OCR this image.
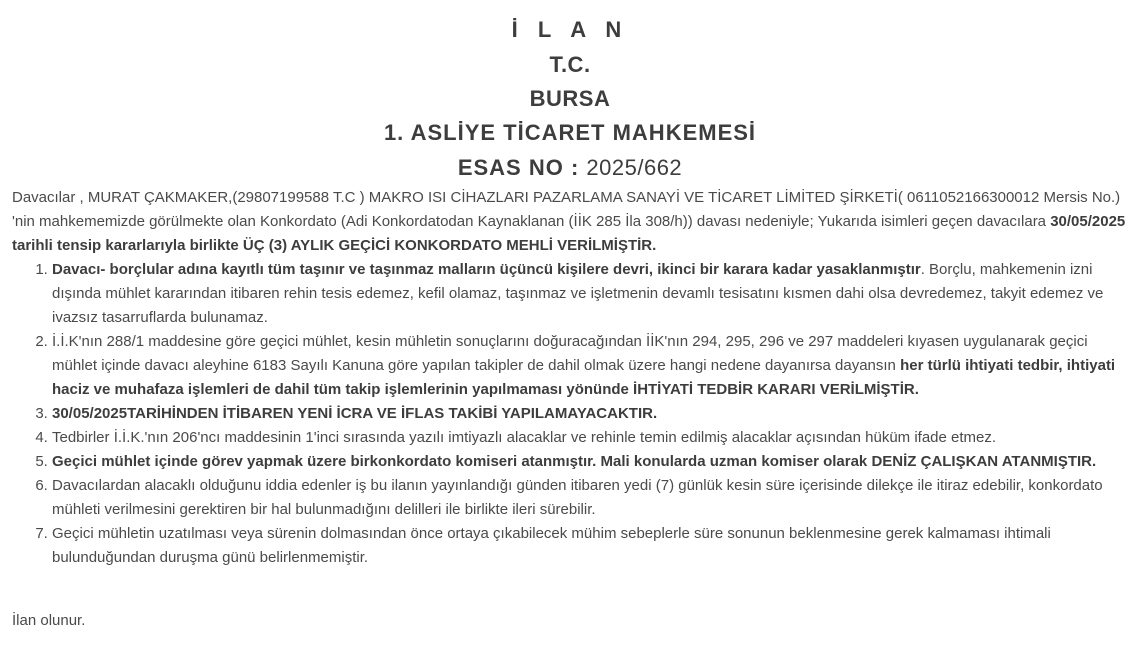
İ L A N
T.C.
BURSA
1. ASLİYE TİCARET MAHKEMESİ
ESAS NO : 2025/662
Davacılar , MURAT ÇAKMAKER,(29807199588 T.C ) MAKRO ISI CİHAZLARI PAZARLAMA SANAYİ VE TİCARET LİMİTED ŞİRKETİ( 0611052166300012 Mersis No.) 'nin mahkememizde görülmekte olan Konkordato (Adi Konkordatodan Kaynaklanan (İİK 285 İla 308/h)) davası nedeniyle; Yukarıda isimleri geçen davacılara 30/05/2025 tarihli tensip kararlarıyla birlikte ÜÇ (3) AYLIK GEÇİCİ KONKORDATO MEHLİ VERİLMİŞTİR.
1. Davacı- borçlular adına kayıtlı tüm taşınır ve taşınmaz malların üçüncü kişilere devri, ikinci bir karara kadar yasaklanmıştır. Borçlu, mahkemenin izni dışında mühlet kararından itibaren rehin tesis edemez, kefil olamaz, taşınmaz ve işletmenin devamlı tesisatını kısmen dahi olsa devredemez, takyit edemez ve ivazsız tasarruflarda bulunamaz.
2. İ.İ.K'nın 288/1 maddesine göre geçici mühlet, kesin mühletin sonuçlarını doğuracağından İİK'nın 294, 295, 296 ve 297 maddeleri kıyasen uygulanarak geçici mühlet içinde davacı aleyhine 6183 Sayılı Kanuna göre yapılan takipler de dahil olmak üzere hangi nedene dayanırsa dayansın her türlü ihtiyati tedbir, ihtiyati haciz ve muhafaza işlemleri de dahil tüm takip işlemlerinin yapılmaması yönünde İHTİYATİ TEDBİR KARARI VERİLMİŞTİR.
3. 30/05/2025TARİHİNDEN İTİBAREN YENİ İCRA VE İFLAS TAKİBİ YAPILAMAYACAKTIR.
4. Tedbirler İ.İ.K.'nın 206'ncı maddesinin 1'inci sırasında yazılı imtiyazlı alacaklar ve rehinle temin edilmiş alacaklar açısından hüküm ifade etmez.
5. Geçici mühlet içinde görev yapmak üzere birkonkordato komiseri atanmıştır. Mali konularda uzman komiser olarak DENİZ ÇALIŞKAN ATANMIŞTIR.
6. Davacılardan alacaklı olduğunu iddia edenler iş bu ilanın yayınlandığı günden itibaren yedi (7) günlük kesin süre içerisinde dilekçe ile itiraz edebilir, konkordato mühleti verilmesini gerektiren bir hal bulunmadığını delilleri ile birlikte ileri sürebilir.
7. Geçici mühletin uzatılması veya sürenin dolmasından önce ortaya çıkabilecek mühim sebeplerle süre sonunun beklenmesine gerek kalmaması ihtimali bulunduğundan duruşma günü belirlenmemiştir.
İlan olunur.
